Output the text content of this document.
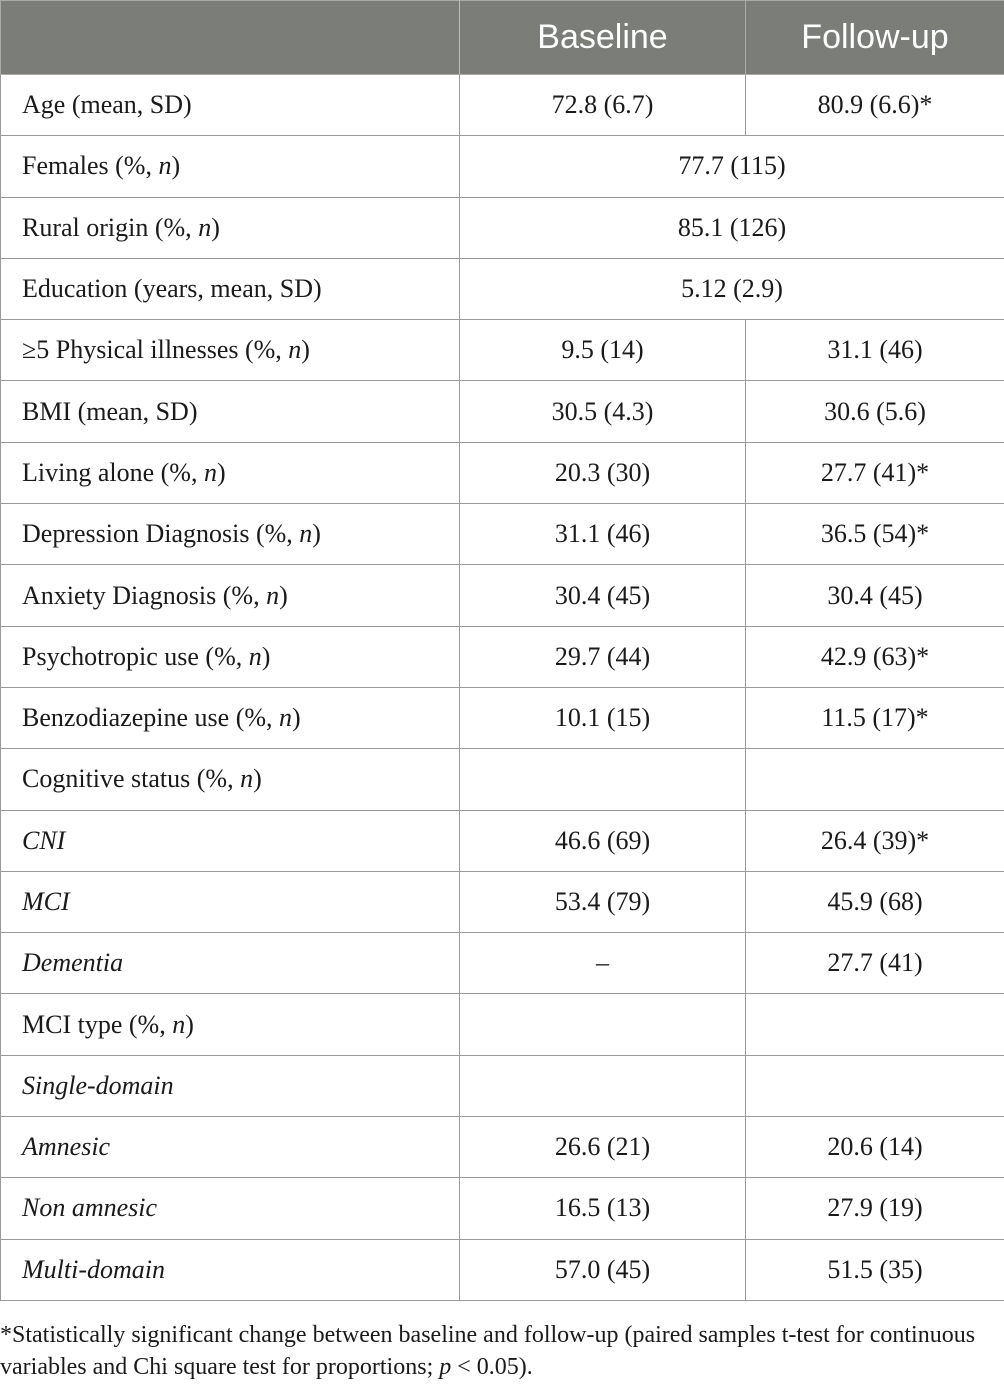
	Baseline	Follow-up
Age (mean, SD)	72.8 (6.7)	80.9 (6.6)*
Females (%, n)	77.7 (115)	
Rural origin (%, n)	85.1 (126)	
Education (years, mean, SD)	5.12 (2.9)	
≥5 Physical illnesses (%, n)	9.5 (14)	31.1 (46)
BMI (mean, SD)	30.5 (4.3)	30.6 (5.6)
Living alone (%, n)	20.3 (30)	27.7 (41)*
Depression Diagnosis (%, n)	31.1 (46)	36.5 (54)*
Anxiety Diagnosis (%, n)	30.4 (45)	30.4 (45)
Psychotropic use (%, n)	29.7 (44)	42.9 (63)*
Benzodiazepine use (%, n)	10.1 (15)	11.5 (17)*
Cognitive status (%, n)		
CNI	46.6 (69)	26.4 (39)*
MCI	53.4 (79)	45.9 (68)
Dementia	–	27.7 (41)
MCI type (%, n)		
Single-domain		
Amnesic	26.6 (21)	20.6 (14)
Non amnesic	16.5 (13)	27.9 (19)
Multi-domain	57.0 (45)	51.5 (35)
*Statistically significant change between baseline and follow-up (paired samples t-test for continuous variables and Chi square test for proportions; p < 0.05).
